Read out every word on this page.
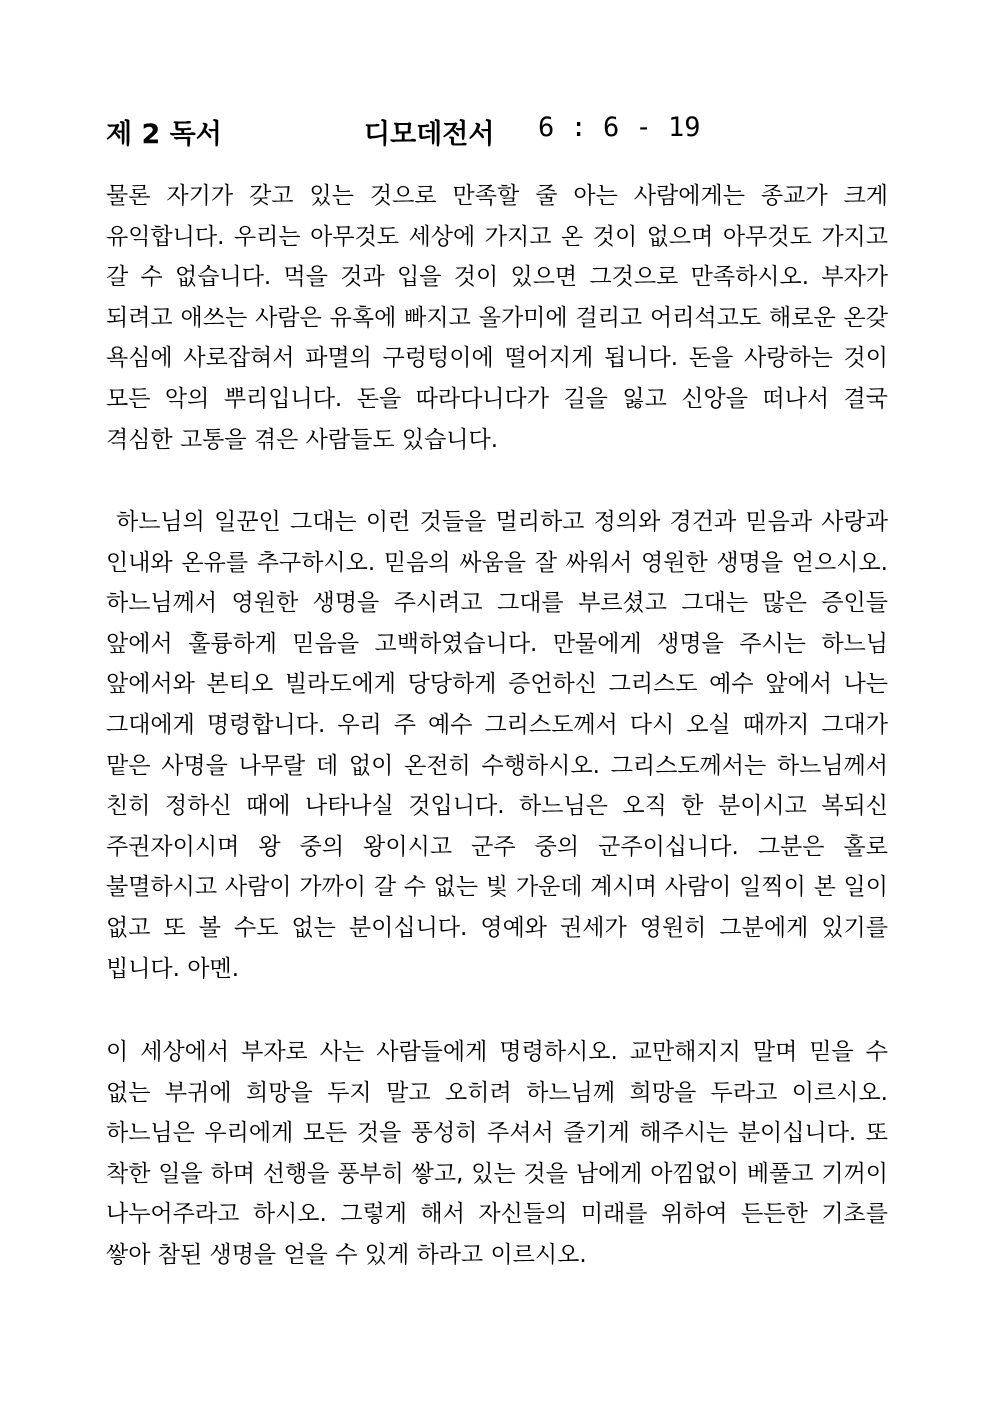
제 2 독서	디모데전서 6 : 6 - 19

물론 자기가 갖고 있는 것으로 만족할 줄 아는 사람에게는 종교가 크게 유익합니다. 우리는 아무것도 세상에 가지고 온 것이 없으며 아무것도 가지고 갈 수 없습니다. 먹을 것과 입을 것이 있으면 그것으로 만족하시오. 부자가 되려고 애쓰는 사람은 유혹에 빠지고 올가미에 걸리고 어리석고도 해로운 온갖 욕심에 사로잡혀서 파멸의 구렁텅이에 떨어지게 됩니다. 돈을 사랑하는 것이 모든 악의 뿌리입니다. 돈을 따라다니다가 길을 잃고 신앙을 떠나서 결국 격심한 고통을 겪은 사람들도 있습니다.

하느님의 일꾼인 그대는 이런 것들을 멀리하고 정의와 경건과 믿음과 사랑과 인내와 온유를 추구하시오. 믿음의 싸움을 잘 싸워서 영원한 생명을 얻으시오. 하느님께서 영원한 생명을 주시려고 그대를 부르셨고 그대는 많은 증인들 앞에서 훌륭하게 믿음을 고백하였습니다. 만물에게 생명을 주시는 하느님 앞에서와 본티오 빌라도에게 당당하게 증언하신 그리스도 예수 앞에서 나는 그대에게 명령합니다. 우리 주 예수 그리스도께서 다시 오실 때까지 그대가 맡은 사명을 나무랄 데 없이 온전히 수행하시오. 그리스도께서는 하느님께서 친히 정하신 때에 나타나실 것입니다. 하느님은 오직 한 분이시고 복되신 주권자이시며 왕 중의 왕이시고 군주 중의 군주이십니다. 그분은 홀로 불멸하시고 사람이 가까이 갈 수 없는 빛 가운데 계시며 사람이 일찍이 본 일이 없고 또 볼 수도 없는 분이십니다. 영예와 권세가 영원히 그분에게 있기를 빕니다. 아멘.

이 세상에서 부자로 사는 사람들에게 명령하시오. 교만해지지 말며 믿을 수 없는 부귀에 희망을 두지 말고 오히려 하느님께 희망을 두라고 이르시오. 하느님은 우리에게 모든 것을 풍성히 주셔서 즐기게 해주시는 분이십니다. 또 착한 일을 하며 선행을 풍부히 쌓고, 있는 것을 남에게 아낌없이 베풀고 기꺼이 나누어주라고 하시오. 그렇게 해서 자신들의 미래를 위하여 든든한 기초를 쌓아 참된 생명을 얻을 수 있게 하라고 이르시오.
